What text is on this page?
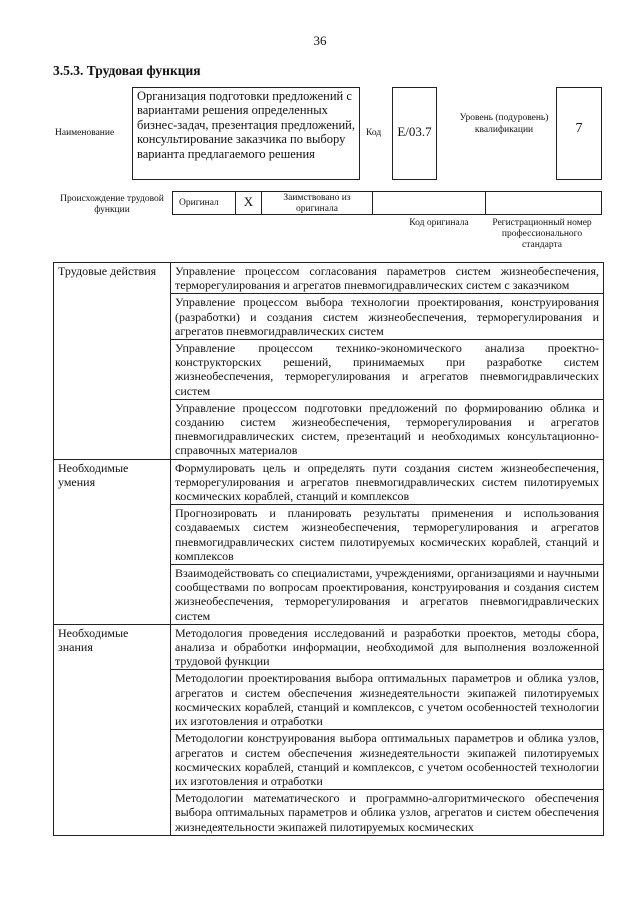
36
3.5.3. Трудовая функция
Наименование
Организация подготовки предложений с вариантами решения определенных бизнес-задач, презентация предложений, консультирование заказчика по выбору варианта предлагаемого решения
Код	Е/03.7
Уровень (подуровень) квалификации	7
Происхождение трудовой функции
Оригинал	X	Заимствовано из оригинала
Код оригинала	Регистрационный номер профессионального стандарта
Трудовые действия	Управление процессом согласования параметров систем жизнеобеспечения, терморегулирования и агрегатов пневмогидравлических систем с заказчиком
	Управление процессом выбора технологии проектирования, конструирования (разработки) и создания систем жизнеобеспечения, терморегулирования и агрегатов пневмогидравлических систем
	Управление процессом технико-экономического анализа проектно-конструкторских решений, принимаемых при разработке систем жизнеобеспечения, терморегулирования и агрегатов пневмогидравлических систем
	Управление процессом подготовки предложений по формированию облика и созданию систем жизнеобеспечения, терморегулирования и агрегатов пневмогидравлических систем, презентаций и необходимых консультационно-справочных материалов
Необходимые умения	Формулировать цель и определять пути создания систем жизнеобеспечения, терморегулирования и агрегатов пневмогидравлических систем пилотируемых космических кораблей, станций и комплексов
	Прогнозировать и планировать результаты применения и использования создаваемых систем жизнеобеспечения, терморегулирования и агрегатов пневмогидравлических систем пилотируемых космических кораблей, станций и комплексов
	Взаимодействовать со специалистами, учреждениями, организациями и научными сообществами по вопросам проектирования, конструирования и создания систем жизнеобеспечения, терморегулирования и агрегатов пневмогидравлических систем
Необходимые знания	Методология проведения исследований и разработки проектов, методы сбора, анализа и обработки информации, необходимой для выполнения возложенной трудовой функции
	Методологии проектирования выбора оптимальных параметров и облика узлов, агрегатов и систем обеспечения жизнедеятельности экипажей пилотируемых космических кораблей, станций и комплексов, с учетом особенностей технологии их изготовления и отработки
	Методологии конструирования выбора оптимальных параметров и облика узлов, агрегатов и систем обеспечения жизнедеятельности экипажей пилотируемых космических кораблей, станций и комплексов, с учетом особенностей технологии их изготовления и отработки
	Методологии математического и программно-алгоритмического обеспечения выбора оптимальных параметров и облика узлов, агрегатов и систем обеспечения жизнедеятельности экипажей пилотируемых космических
